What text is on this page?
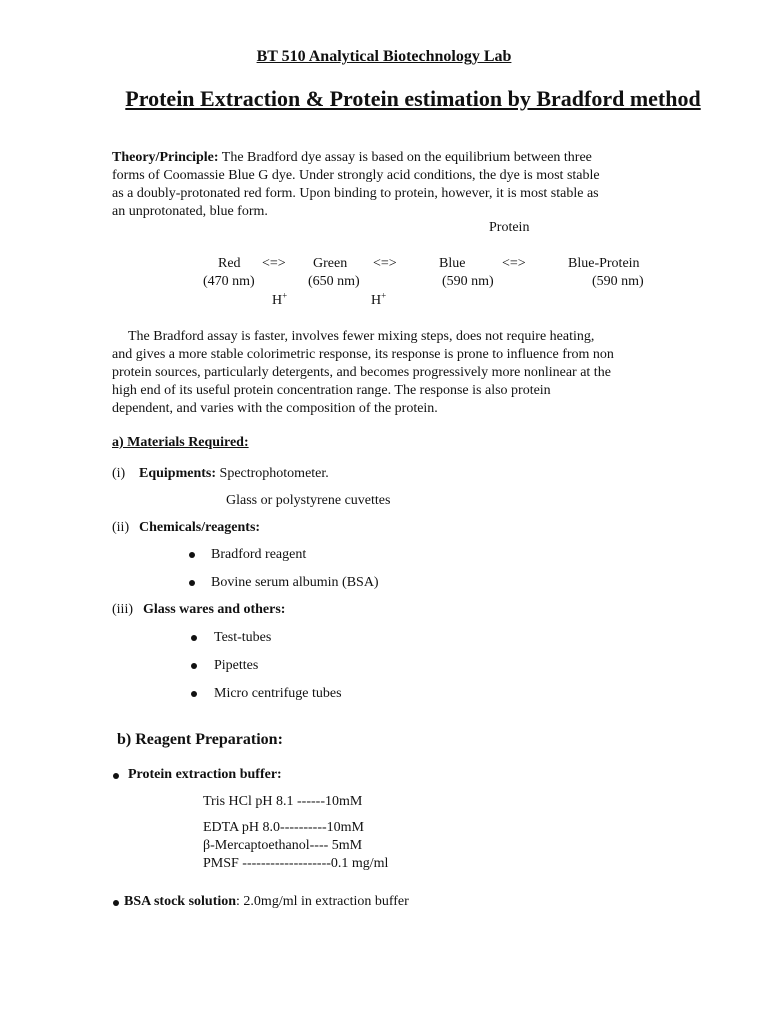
BT 510 Analytical Biotechnology Lab
Protein Extraction & Protein estimation by Bradford method
Theory/Principle: The Bradford dye assay is based on the equilibrium between three
forms of Coomassie Blue G dye. Under strongly acid conditions, the dye is most stable
as a doubly-protonated red form. Upon binding to protein, however, it is most stable as
an unprotonated, blue form.
Protein
Red <=> Green <=>	Blue	<=>	Blue-Protein
(470 nm)	(650 nm)	(590 nm)	(590 nm)
H+	H+
The Bradford assay is faster, involves fewer mixing steps, does not require heating,
and gives a more stable colorimetric response, its response is prone to influence from non
protein sources, particularly detergents, and becomes progressively more nonlinear at the
high end of its useful protein concentration range. The response is also protein
dependent, and varies with the composition of the protein.
a) Materials Required:
(i) Equipments: Spectrophotometer.
Glass or polystyrene cuvettes
(ii) Chemicals/reagents:
Bradford reagent
Bovine serum albumin (BSA)
(iii) Glass wares and others:
Test-tubes
Pipettes
Micro centrifuge tubes
b) Reagent Preparation:
Protein extraction buffer:
Tris HCl pH 8.1 ------10mM
EDTA pH 8.0----------10mM
β-Mercaptoethanol---- 5mM
PMSF -------------------0.1 mg/ml
BSA stock solution: 2.0mg/ml in extraction buffer
